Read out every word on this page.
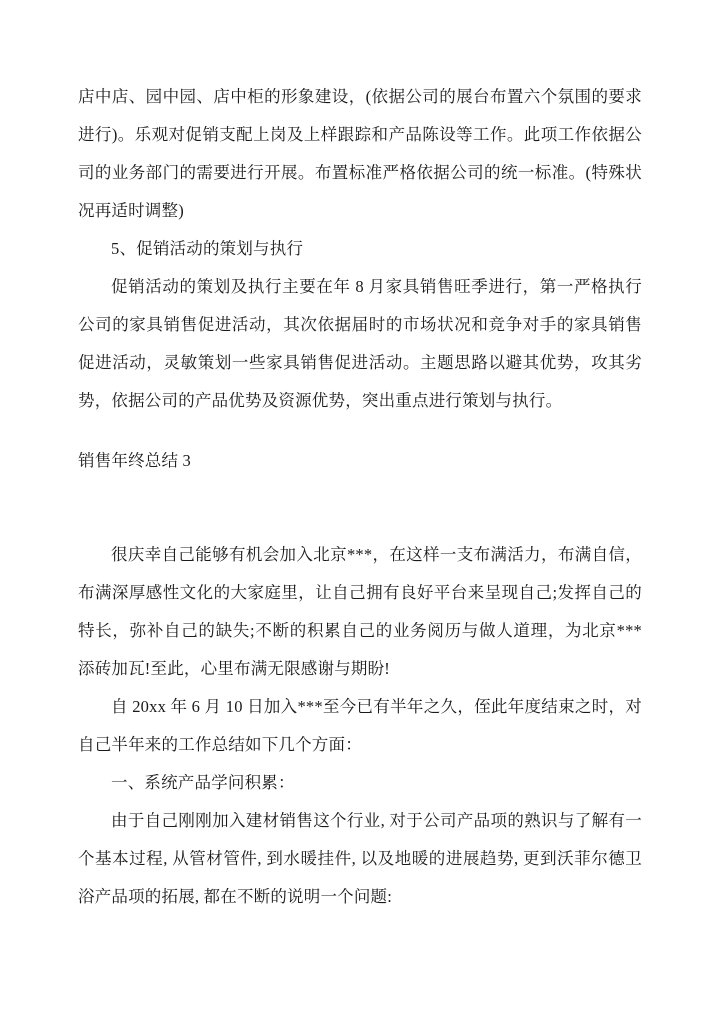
店中店、园中园、店中柜的形象建设，(依据公司的展台布置六个氛围的要求进行)。乐观对促销支配上岗及上样跟踪和产品陈设等工作。此项工作依据公司的业务部门的需要进行开展。布置标准严格依据公司的统一标准。(特殊状况再适时调整)

5、促销活动的策划与执行

促销活动的策划及执行主要在年 8 月家具销售旺季进行，第一严格执行公司的家具销售促进活动，其次依据届时的市场状况和竞争对手的家具销售促进活动，灵敏策划一些家具销售促进活动。主题思路以避其优势，攻其劣势，依据公司的产品优势及资源优势，突出重点进行策划与执行。

销售年终总结 3

很庆幸自己能够有机会加入北京***，在这样一支布满活力，布满自信，布满深厚感性文化的大家庭里，让自己拥有良好平台来呈现自己;发挥自己的特长，弥补自己的缺失;不断的积累自己的业务阅历与做人道理，为北京***添砖加瓦!至此，心里布满无限感谢与期盼!

自 20xx 年 6 月 10 日加入***至今已有半年之久，侄此年度结束之时，对自己半年来的工作总结如下几个方面：

一、系统产品学问积累：

由于自己刚刚加入建材销售这个行业, 对于公司产品项的熟识与了解有一个基本过程, 从管材管件, 到水暖挂件, 以及地暖的进展趋势, 更到沃菲尔德卫浴产品项的拓展, 都在不断的说明一个问题:
